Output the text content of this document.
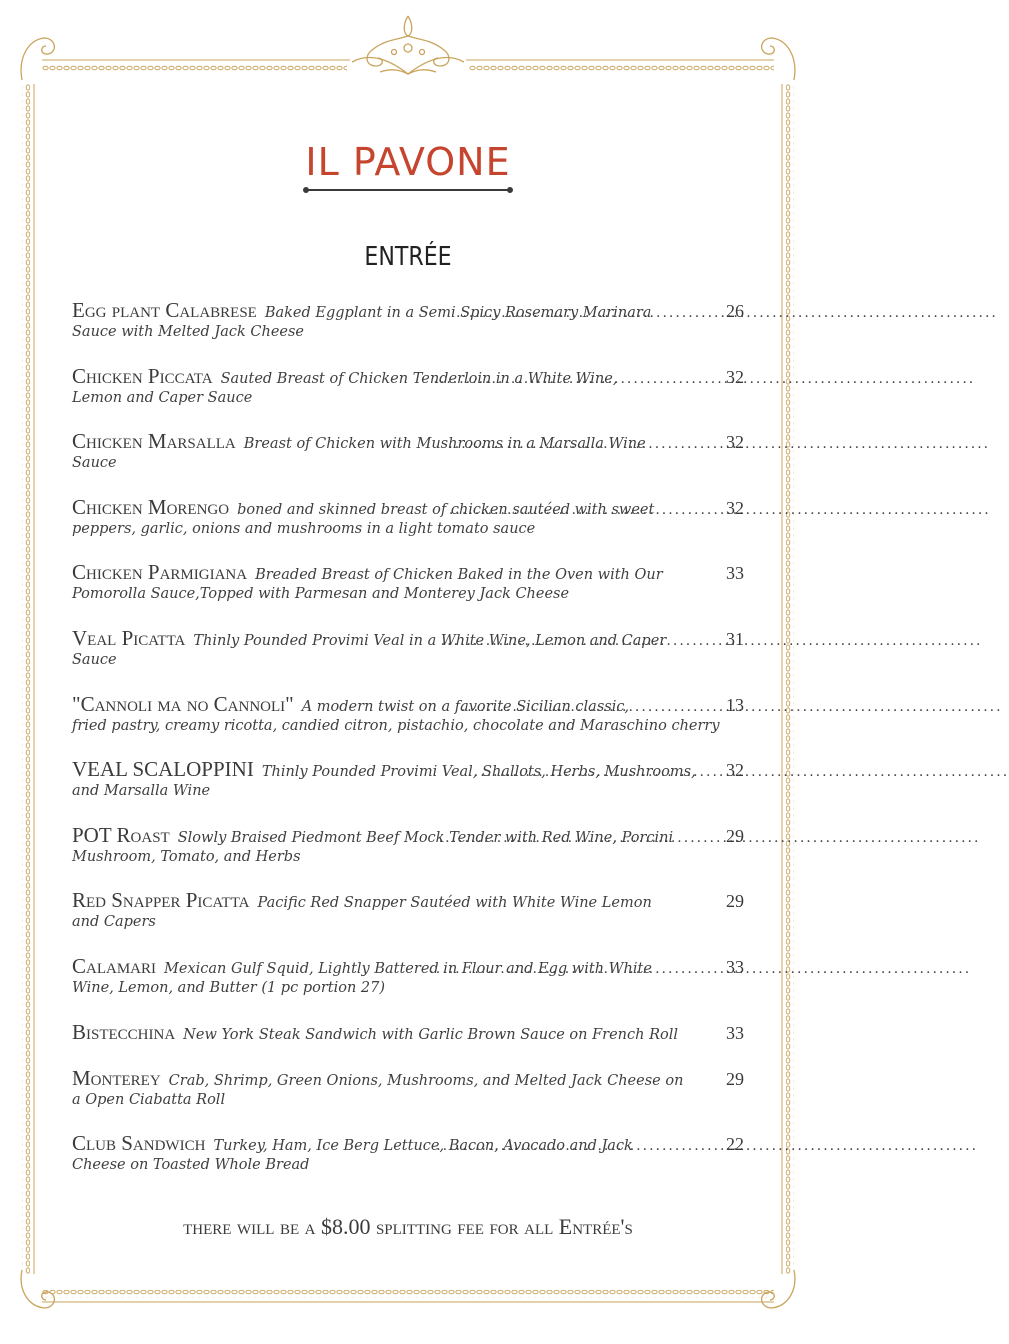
IL PAVONE
ENTRÉE
Egg plant Calabrese Baked Eggplant in a Semi Spicy Rosemary Marinara .....	26
Sauce with Melted Jack Cheese
Chicken Piccata Sauted Breast of Chicken Tenderloin in a White Wine, .....	32
Lemon and Caper Sauce
Chicken Marsalla Breast of Chicken with Mushrooms in a Marsalla Wine .....	32
Sauce
Chicken Morengo boned and skinned breast of chicken sautéed with sweet .....	32
peppers, garlic, onions and mushrooms in a light tomato sauce
Chicken Parmigiana Breaded Breast of Chicken Baked in the Oven with Our	33
Pomorolla Sauce,Topped with Parmesan and Monterey Jack Cheese
Veal Picatta Thinly Pounded Provimi Veal in a White Wine, Lemon and Caper .....	31
Sauce
"Cannoli ma no Cannoli" A modern twist on a favorite Sicilian classic, .....	13
fried pastry, creamy ricotta, candied citron, pistachio, chocolate and Maraschino cherry
VEAL SCALOPPINI Thinly Pounded Provimi Veal, Shallots, Herbs, Mushrooms, ..... 32
and Marsalla Wine
POT Roast Slowly Braised Piedmont Beef Mock Tender with Red Wine, Porcini .....	29
Mushroom, Tomato, and Herbs
Red Snapper Picatta Pacific Red Snapper Sautéed with White Wine Lemon	29
and Capers
Calamari Mexican Gulf Squid, Lightly Battered in Flour and Egg with White .....	33
Wine, Lemon, and Butter (1 pc portion 27)
Bistecchina New York Steak Sandwich with Garlic Brown Sauce on French Roll	33
Monterey Crab, Shrimp, Green Onions, Mushrooms, and Melted Jack Cheese on 29
a Open Ciabatta Roll
Club Sandwich Turkey, Ham, Ice Berg Lettuce, Bacon, Avocado and Jack .....	22
Cheese on Toasted Whole Bread
there will be a $8.00 splitting fee for all Entrée's
